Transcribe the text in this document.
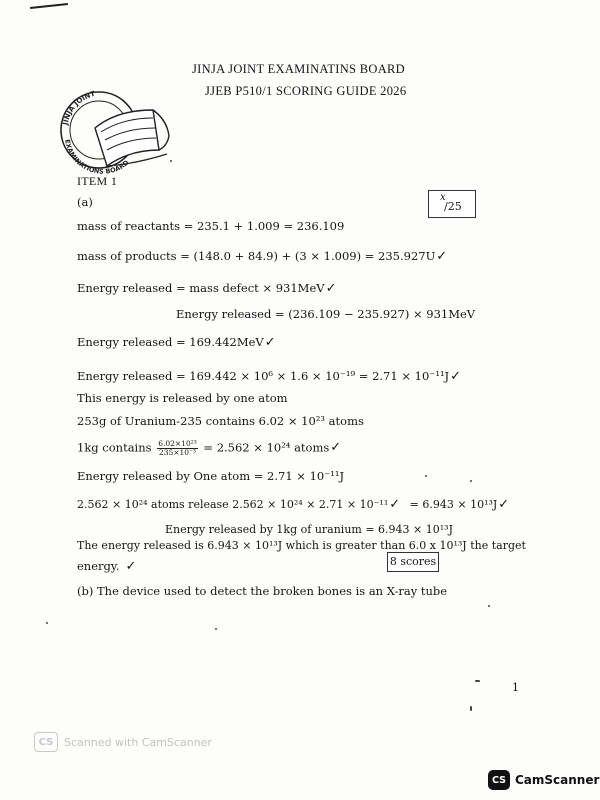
JINJA JOINT EXAMINATINS BOARD
JJEB P510/1 SCORING GUIDE 2026
JINJA JOINT
EXAMINATIONS BOARD
ITEM 1
(a)	x
/25
mass of reactants = 235.1 + 1.009 = 236.109
mass of products = (148.0 + 84.9) + (3 × 1.009) = 235.927U✓
Energy released = mass defect × 931MeV✓
Energy released = (236.109 − 235.927) × 931MeV
Energy released = 169.442MeV✓
Energy released = 169.442 × 10⁶ × 1.6 × 10⁻¹⁹ = 2.71 × 10⁻¹¹J✓
This energy is released by one atom
253g of Uranium-235 contains 6.02 × 10²³ atoms
1kg contains $\frac{\text{6.02×10²³}}{\text{235×10⁻³}} = 2.562 \times 10^{24}$ atoms✓
Energy released by One atom = 2.71 × 10⁻¹¹J
2.562 × 10²⁴ atoms release 2.562 × 10²⁴ × 2.71 × 10⁻¹¹✓ = 6.943 × 10¹³J✓
Energy released by 1kg of uranium = 6.943 × 10¹³J
The energy released is 6.943 × 10¹³J which is greater than 6.0 x 10¹³J the target
energy. ✓	8 scores
(b) The device used to detect the broken bones is an X-ray tube
1
CS Scanned with CamScanner
CS CamScanner
